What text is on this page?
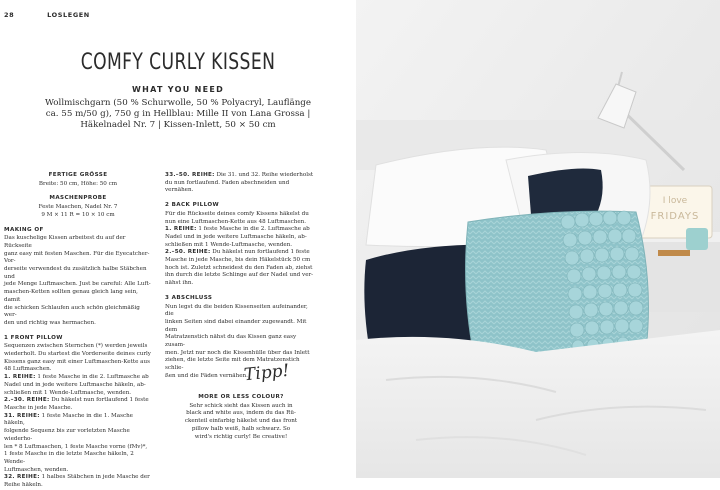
28	LOSLEGEN
COMFY CURLY KISSEN
WHAT YOU NEED
Wollmischgarn (50 % Schurwolle, 50 % Polyacryl, Lauflänge
ca. 55 m/50 g), 750 g in Hellblau: Mille II von Lana Grossa |
Häkelnadel Nr. 7 | Kissen-Inlett, 50 × 50 cm
FERTIGE GRÖSSE
Breite: 50 cm, Höhe: 50 cm
MASCHENPROBE
Feste Maschen, Nadel Nr. 7
9 M × 11 R = 10 × 10 cm
MAKING OF
Das kuschelige Kissen arbeitest du auf der Rückseite
ganz easy mit festen Maschen. Für die Eyecatcher-Vor-
derseite verwendest du zusätzlich halbe Stäbchen und
jede Menge Luftmaschen. Just be careful: Alle Luft-
maschen-Ketten sollten genau gleich lang sein, damit
die schicken Schlaufen auch schön gleichmäßig wer-
den und richtig was hermachen.
1 FRONT PILLOW
Sequenzen zwischen Sternchen (*) werden jeweils
wiederholt. Du startest die Vorderseite deines curly
Kissens ganz easy mit einer Luftmaschen-Kette aus
48 Luftmaschen.
1. REIHE: 1 feste Masche in die 2. Luftmasche ab
Nadel und in jede weitere Luftmasche häkeln, ab-
schließen mit 1 Wende-Luftmasche, wenden.
2.–30. REIHE: Du häkelst nun fortlaufend 1 feste
Masche in jede Masche.
31. REIHE: 1 feste Masche in die 1. Masche häkeln,
folgende Sequenz bis zur vorletzten Masche wiederho-
len * 8 Luftmaschen, 1 feste Masche vorne (fMv)*,
1 feste Masche in die letzte Masche häkeln, 2 Wende-
Luftmaschen, wenden.
32. REIHE: 1 halbes Stäbchen in jede Masche der
Reihe häkeln.
33.–50. REIHE: Die 31. und 32. Reihe wiederholst
du nun fortlaufend. Faden abschneiden und vernähen.
2 BACK PILLOW
Für die Rückseite deines comfy Kissens häkelst du
nun eine Luftmaschen-Kette aus 48 Luftmaschen.
1. REIHE: 1 feste Masche in die 2. Luftmasche ab
Nadel und in jede weitere Luftmasche häkeln, ab-
schließen mit 1 Wende-Luftmasche, wenden.
2.–50. REIHE: Du häkelst nun fortlaufend 1 feste
Masche in jede Masche, bis dein Häkelstück 50 cm
hoch ist. Zuletzt schneidest du den Faden ab, ziehst
ihn durch die letzte Schlinge auf der Nadel und ver-
nähst ihn.
3 ABSCHLUSS
Nun legst du die beiden Kissenseiten aufeinander, die
linken Seiten sind dabei einander zugewandt. Mit dem
Matratzenstich nähst du das Kissen ganz easy zusam-
men. Jetzt nur noch die Kissenhülle über das Inlett
ziehen, die letzte Seite mit dem Matratzenstich schlie-
ßen und die Fäden vernähen.
Tipp!
MORE OR LESS COLOUR?
Sehr schick sieht das Kissen auch in
black and white aus, indem du das Rü-
ckenteil einfarbig häkelst und das front
pillow halb weiß, halb schwarz. So
wird's richtig curly! Be creative!
I love
FRIDAYS
